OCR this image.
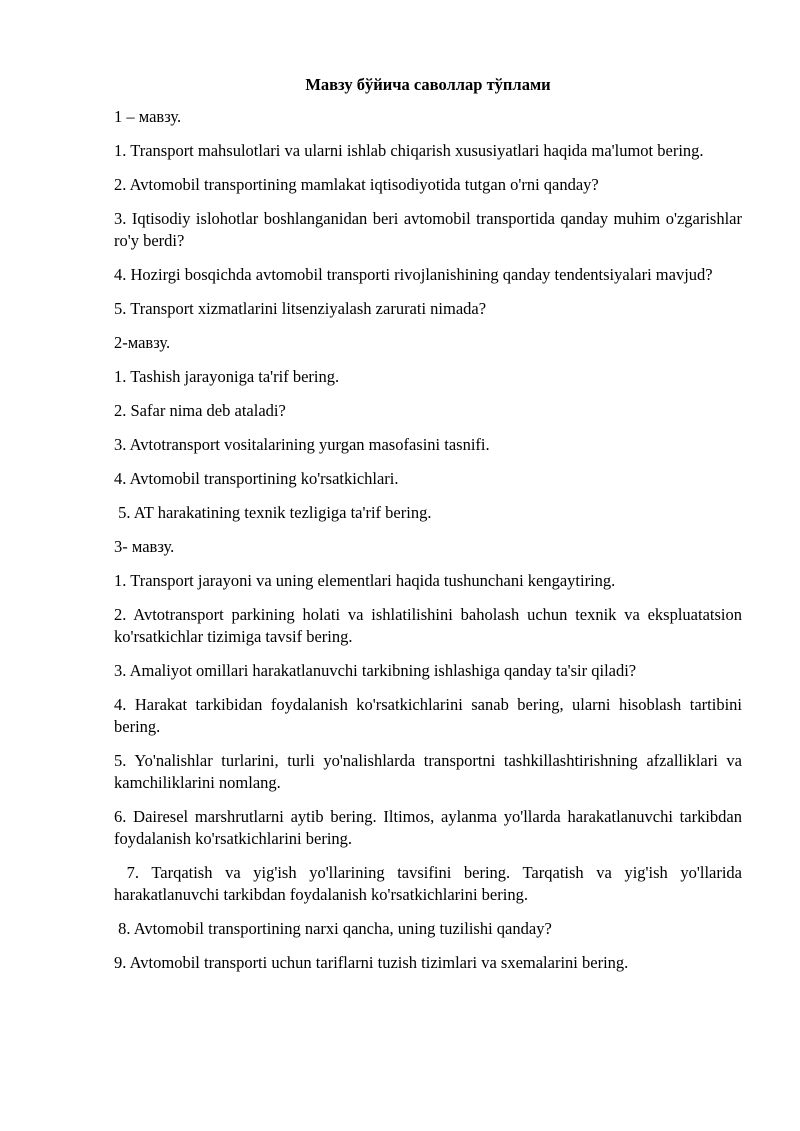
Мавзу бўйича саволлар тўплами
1 – мавзу.
1. Transport mahsulotlari va ularni ishlab chiqarish xususiyatlari haqida ma'lumot bering.
2. Avtomobil transportining mamlakat iqtisodiyotida tutgan o'rni qanday?
3. Iqtisodiy islohotlar boshlanganidan beri avtomobil transportida qanday muhim o'zgarishlar ro'y berdi?
4. Hozirgi bosqichda avtomobil transporti rivojlanishining qanday tendentsiyalari mavjud?
5. Transport xizmatlarini litsenziyalash zarurati nimada?
2-мавзу.
1. Tashish jarayoniga ta'rif bering.
2. Safar nima deb ataladi?
3. Avtotransport vositalarining yurgan masofasini tasnifi.
4. Avtomobil transportining ko'rsatkichlari.
5. AT harakatining texnik tezligiga ta'rif bering.
3- мавзу.
1. Transport jarayoni va uning elementlari haqida tushunchani kengaytiring.
2. Avtotransport parkining holati va ishlatilishini baholash uchun texnik va ekspluatatsion ko'rsatkichlar tizimiga tavsif bering.
3. Amaliyot omillari harakatlanuvchi tarkibning ishlashiga qanday ta'sir qiladi?
4. Harakat tarkibidan foydalanish ko'rsatkichlarini sanab bering, ularni hisoblash tartibini bering.
5. Yo'nalishlar turlarini, turli yo'nalishlarda transportni tashkillashtirishning afzalliklari va kamchiliklarini nomlang.
6. Dairesel marshrutlarni aytib bering. Iltimos, aylanma yo'llarda harakatlanuvchi tarkibdan foydalanish ko'rsatkichlarini bering.
7. Tarqatish va yig'ish yo'llarining tavsifini bering. Tarqatish va yig'ish yo'llarida harakatlanuvchi tarkibdan foydalanish ko'rsatkichlarini bering.
8. Avtomobil transportining narxi qancha, uning tuzilishi qanday?
9. Avtomobil transporti uchun tariflarni tuzish tizimlari va sxemalarini bering.
